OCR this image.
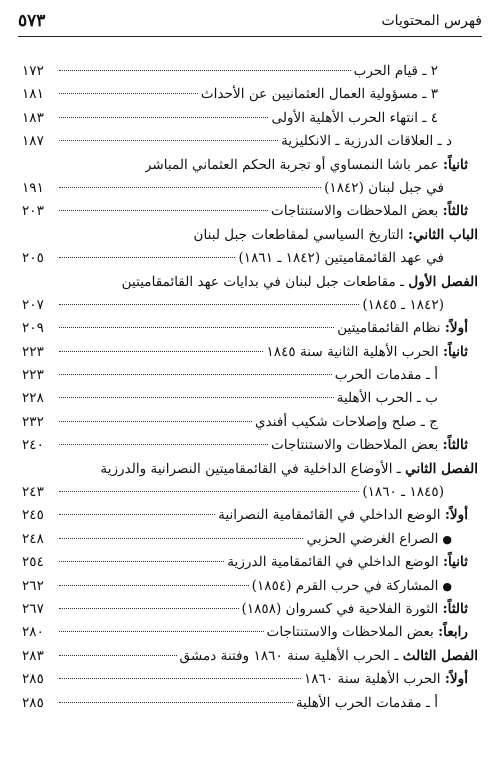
٥٧٣	فهرس المحتويات
٢ ـ قيام الحرب
١٧٢
٣ ـ مسؤولية العمال العثمانيين عن الأحداث
١٨١
٤ ـ انتهاء الحرب الأهلية الأولى
١٨٣
د ـ العلاقات الدرزية ـ الانكليزية
١٨٧
ثانياً: عمر باشا النمساوي أو تجربة الحكم العثماني المباشر
في جبل لبنان (١٨٤٢)
١٩١
ثالثاً: بعض الملاحظات والاستنتاجات
٢٠٣
الباب الثاني: التاريخ السياسي لمقاطعات جبل لبنان
في عهد القائمقاميتين (١٨٤٢ ـ ١٨٦١)
٢٠٥
الفصل الأول ـ مقاطعات جبل لبنان في بدايات عهد القائمقاميتين
(١٨٤٢ ـ ١٨٤٥)
٢٠٧
أولاً: نظام القائمقاميتين
٢٠٩
ثانياً: الحرب الأهلية الثانية سنة ١٨٤٥
٢٢٣
أ ـ مقدمات الحرب
٢٢٣
ب ـ الحرب الأهلية
٢٢٨
ج ـ صلح وإصلاحات شكيب أفندي
٢٣٢
ثالثاً: بعض الملاحظات والاستنتاجات
٢٤٠
الفصل الثاني ـ الأوضاع الداخلية في القائمقاميتين النصرانية والدرزية
(١٨٤٥ ـ ١٨٦٠)
٢٤٣
أولاً: الوضع الداخلي في القائمقامية النصرانية
٢٤٥
●الصراع الغرضي الحزبي
٢٤٨
ثانياً: الوضع الداخلي في القائمقامية الدرزية
٢٥٤
●المشاركة في حرب القرم (١٨٥٤)
٢٦٢
ثالثاً: الثورة الفلاحية في كسروان (١٨٥٨)
٢٦٧
رابعاً: بعض الملاحظات والاستنتاجات
٢٨٠
الفصل الثالث ـ الحرب الأهلية سنة ١٨٦٠ وفتنة دمشق
٢٨٣
أولاً: الحرب الأهلية سنة ١٨٦٠
٢٨٥
أ ـ مقدمات الحرب الأهلية
٢٨٥
